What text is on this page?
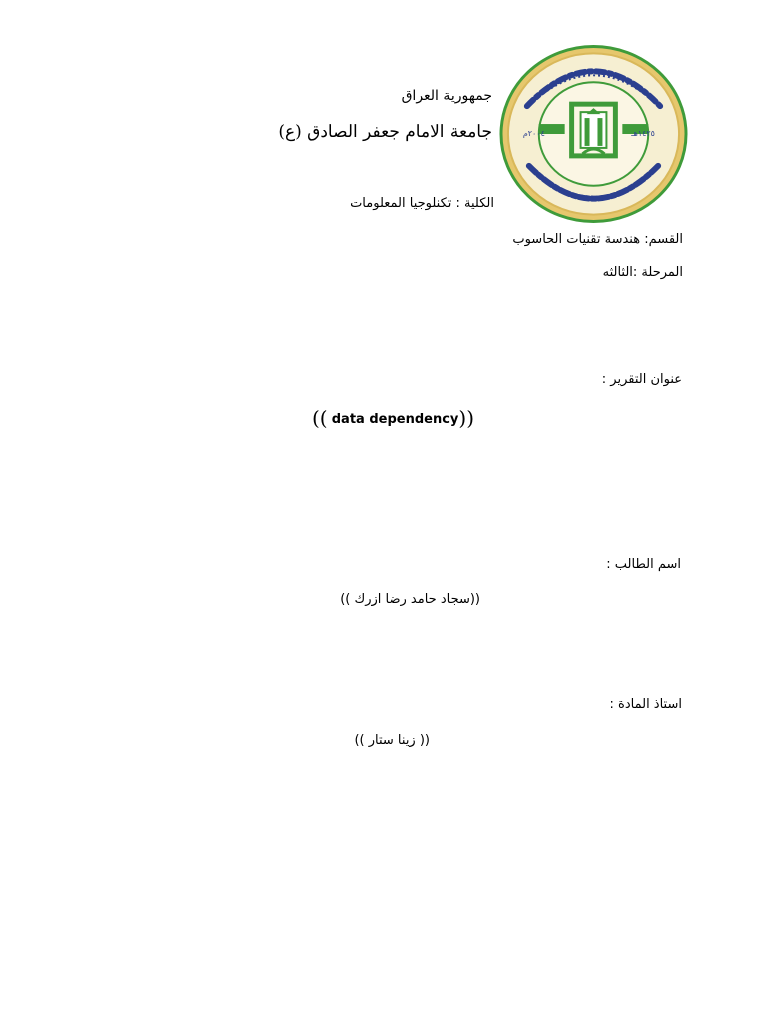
١٤٢٥هـ
٢٠٠٤م
جمهورية العراق
جامعة الامام جعفر الصادق (ع)
الكلية : تكنلوجيا المعلومات
القسم: هندسة تقنيات الحاسوب
المرحلة :الثالثه
عنوان التقرير :
(( data dependency))
اسم الطالب :
((سجاد حامد رضا ازرك ))
استاذ المادة :
(( زينا ستار ))
